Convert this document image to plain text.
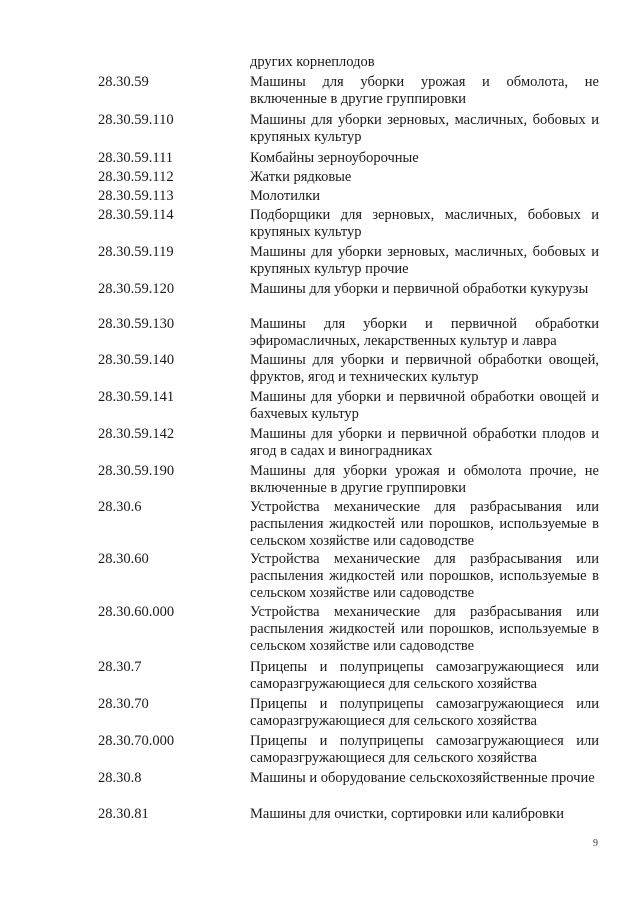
других корнеплодов
28.30.59	Машины для уборки урожая и обмолота, не включенные в другие группировки
28.30.59.110	Машины для уборки зерновых, масличных, бобовых и крупяных культур
28.30.59.111	Комбайны зерноуборочные
28.30.59.112	Жатки рядковые
28.30.59.113	Молотилки
28.30.59.114	Подборщики для зерновых, масличных, бобовых и крупяных культур
28.30.59.119	Машины для уборки зерновых, масличных, бобовых и крупяных культур прочие
28.30.59.120	Машины для уборки и первичной обработки кукурузы
28.30.59.130	Машины для уборки и первичной обработки эфиромасличных, лекарственных культур и лавра
28.30.59.140	Машины для уборки и первичной обработки овощей, фруктов, ягод и технических культур
28.30.59.141	Машины для уборки и первичной обработки овощей и бахчевых культур
28.30.59.142	Машины для уборки и первичной обработки плодов и ягод в садах и виноградниках
28.30.59.190	Машины для уборки урожая и обмолота прочие, не включенные в другие группировки
28.30.6	Устройства механические для разбрасывания или распыления жидкостей или порошков, используемые в сельском хозяйстве или садоводстве
28.30.60	Устройства механические для разбрасывания или распыления жидкостей или порошков, используемые в сельском хозяйстве или садоводстве
28.30.60.000	Устройства механические для разбрасывания или распыления жидкостей или порошков, используемые в сельском хозяйстве или садоводстве
28.30.7	Прицепы и полуприцепы самозагружающиеся или саморазгружающиеся для сельского хозяйства
28.30.70	Прицепы и полуприцепы самозагружающиеся или саморазгружающиеся для сельского хозяйства
28.30.70.000	Прицепы и полуприцепы самозагружающиеся или саморазгружающиеся для сельского хозяйства
28.30.8	Машины и оборудование сельскохозяйственные прочие
28.30.81	Машины для очистки, сортировки или калибровки
9
